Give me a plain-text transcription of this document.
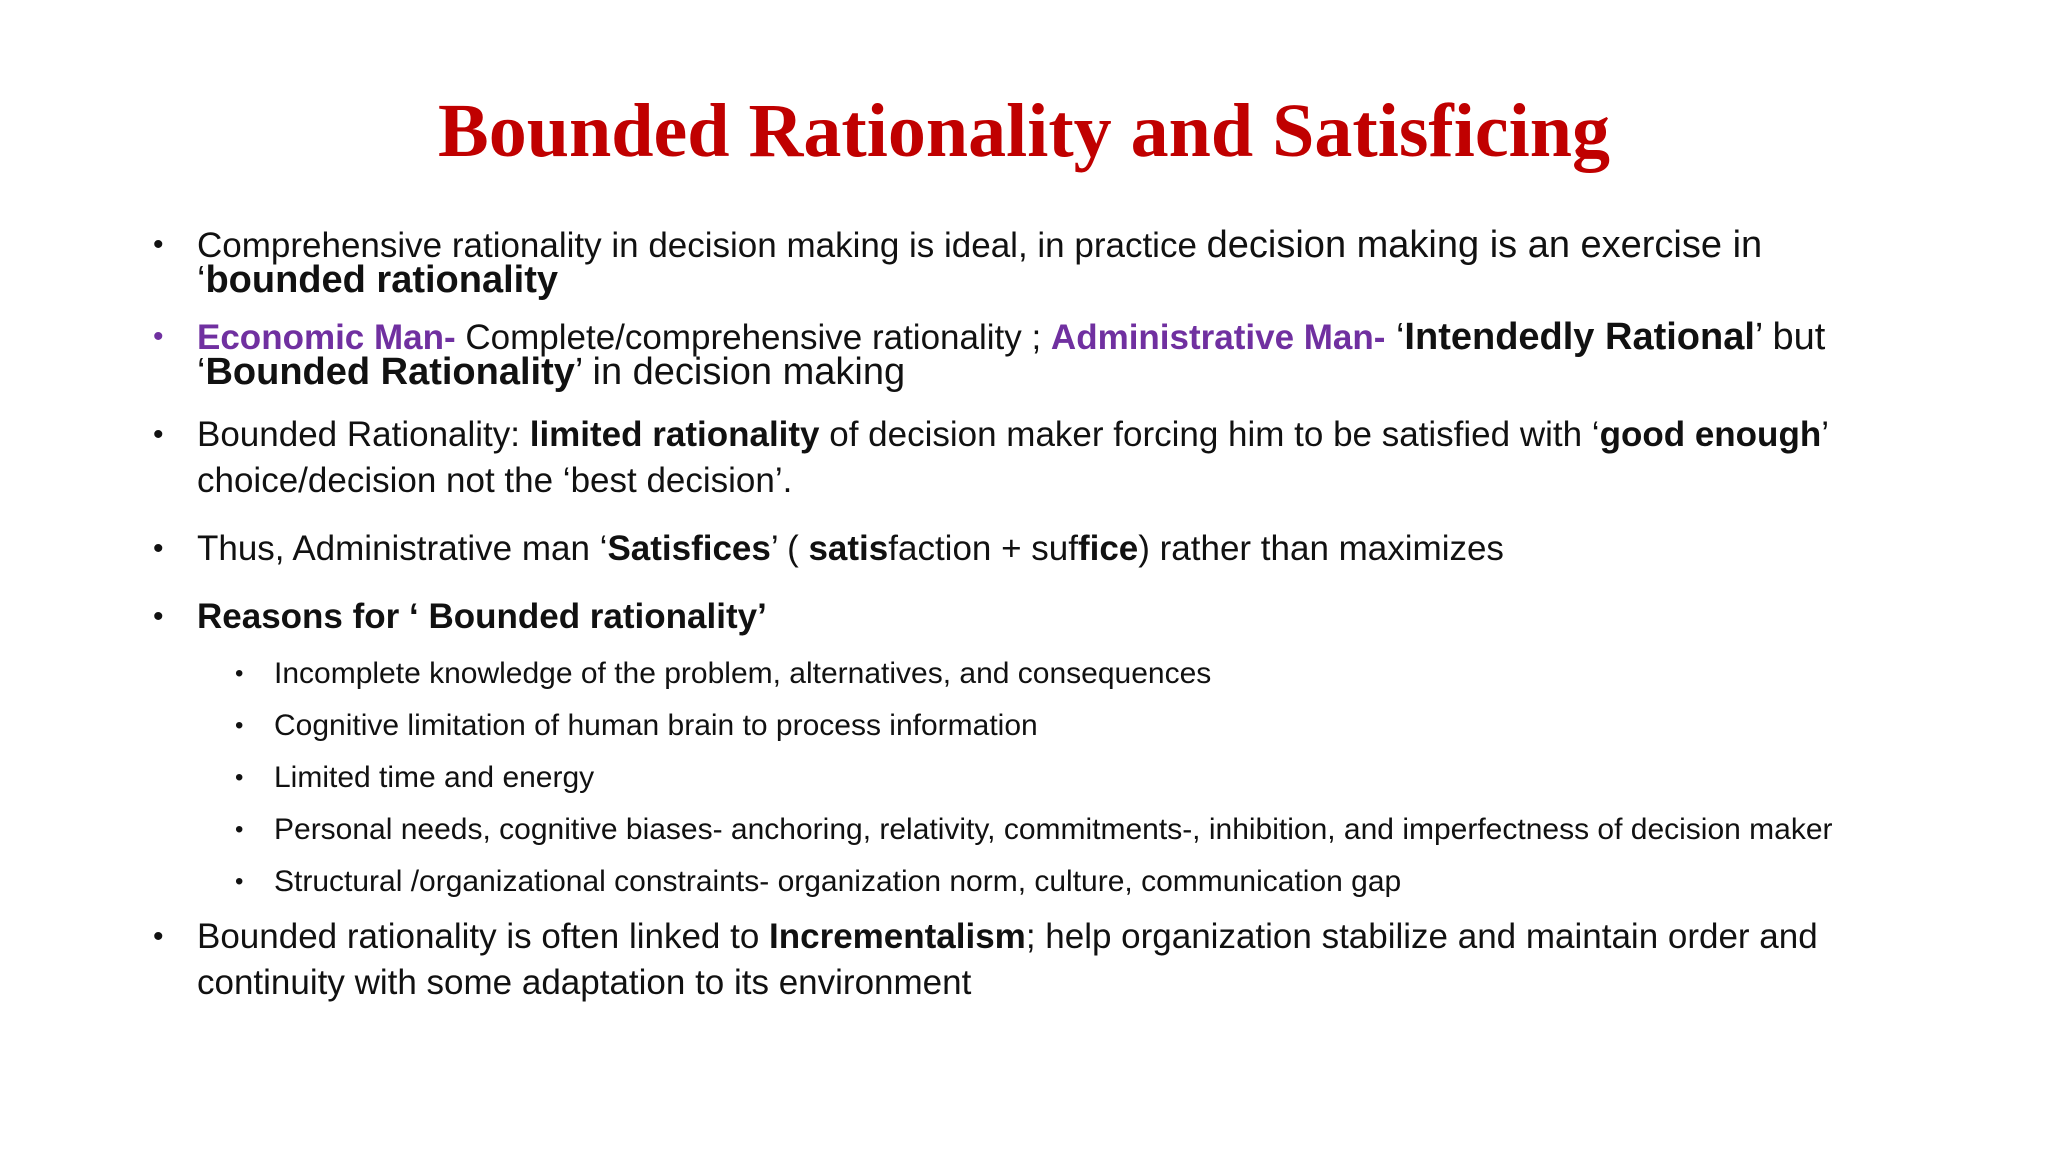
Bounded Rationality and Satisficing
• Comprehensive rationality in decision making is ideal, in practice decision making is an exercise in
‘bounded rationality
• Economic Man- Complete/comprehensive rationality ; Administrative Man- ‘Intendedly Rational’ but
‘Bounded Rationality’ in decision making
• Bounded Rationality: limited rationality of decision maker forcing him to be satisfied with ‘good enough’ choice/decision not the ‘best decision’.
• Thus, Administrative man ‘Satisfices’ ( satisfaction + suffice) rather than maximizes
• Reasons for ‘ Bounded rationality’
• Incomplete knowledge of the problem, alternatives, and consequences
• Cognitive limitation of human brain to process information
• Limited time and energy
• Personal needs, cognitive biases- anchoring, relativity, commitments-, inhibition, and imperfectness of decision maker
• Structural /organizational constraints- organization norm, culture, communication gap
• Bounded rationality is often linked to Incrementalism; help organization stabilize and maintain order and continuity with some adaptation to its environment
